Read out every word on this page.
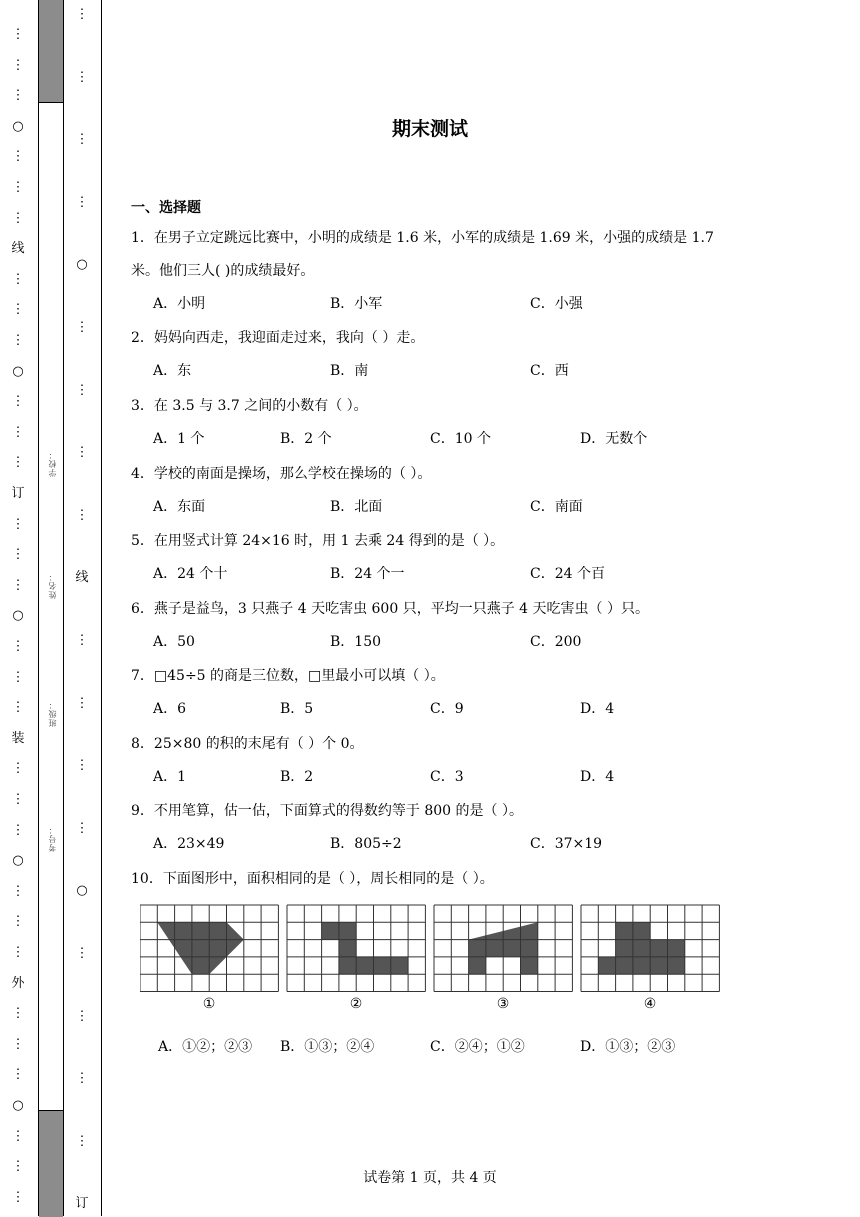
⋮
⋮
⋮
○
⋮
⋮
⋮
线
⋮
⋮
⋮
○
⋮
⋮
⋮
订
⋮
⋮
⋮
○
⋮
⋮
⋮
装
⋮
⋮
⋮
○
⋮
⋮
⋮
外
⋮
⋮
⋮
○
⋮
⋮
⋮
⋮
⋮
⋮
⋮
○
⋮
⋮
⋮
⋮
线
⋮
⋮
⋮
⋮
○
⋮
⋮
⋮
⋮
订
学校：
姓名：
班级：
考号：
期末测试
一、选择题
1．在男子立定跳远比赛中，小明的成绩是 1.6 米，小军的成绩是 1.69 米，小强的成绩是 1.7
米。他们三人( )的成绩最好。
A．小明	B．小军	C．小强
2．妈妈向西走，我迎面走过来，我向（ ）走。
A．东	B．南	C．西
3．在 3.5 与 3.7 之间的小数有（ ）。
A．1 个	B．2 个	C．10 个	D．无数个
4．学校的南面是操场，那么学校在操场的（ ）。
A．东面	B．北面	C．南面
5．在用竖式计算 24×16 时，用 1 去乘 24 得到的是（ ）。
A．24 个十	B．24 个一	C．24 个百
6．燕子是益鸟，3 只燕子 4 天吃害虫 600 只，平均一只燕子 4 天吃害虫（ ）只。
A．50	B．150	C．200
7．□45÷5 的商是三位数，□里最小可以填（ ）。
A．6	B．5	C．9	D．4
8．25×80 的积的末尾有（ ）个 0。
A．1	B．2	C．3	D．4
9．不用笔算，估一估，下面算式的得数约等于 800 的是（ ）。
A．23×49	B．805÷2	C．37×19
10．下面图形中，面积相同的是（ ），周长相同的是（ ）。
A．①②；②③ B．①③；②④	C．②④；①②	D．①③；②③
①	②	③	④
试卷第 1 页，共 4 页
